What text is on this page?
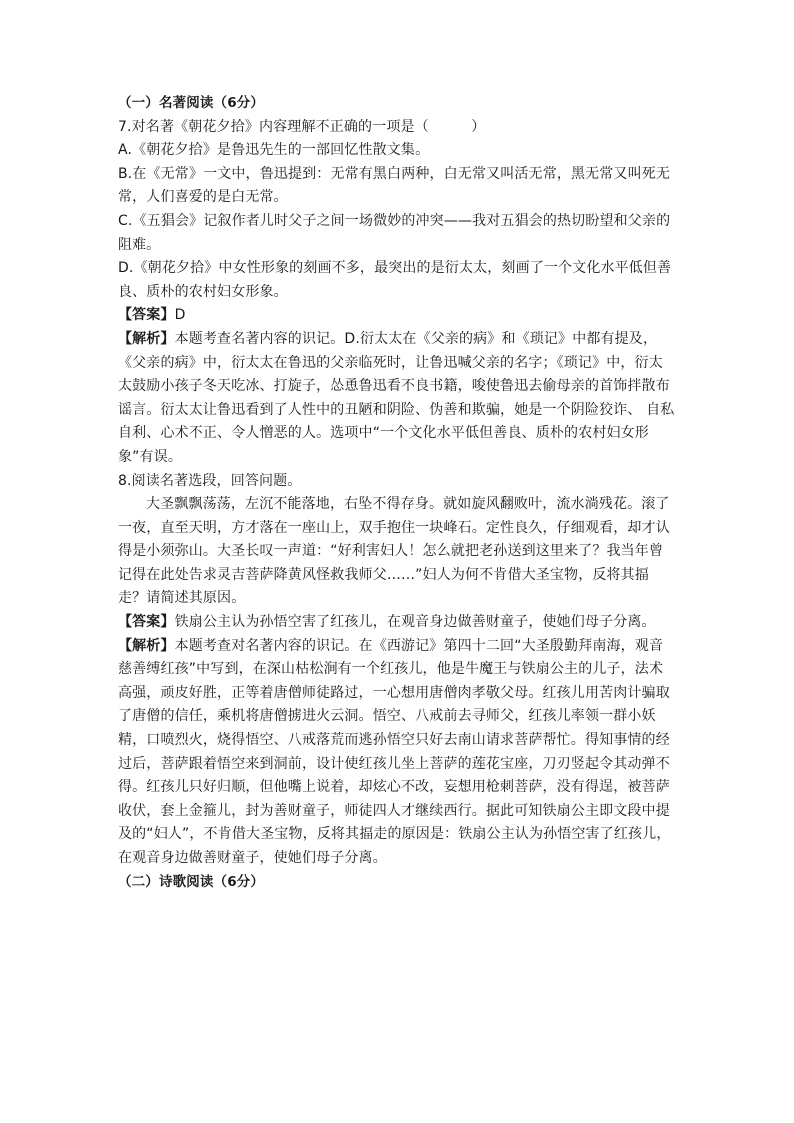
（一）名著阅读（6分）
7.对名著《朝花夕拾》内容理解不正确的一项是（　　　）
A.《朝花夕拾》是鲁迅先生的一部回忆性散文集。
B.在《无常》一文中，鲁迅提到：无常有黑白两种，白无常又叫活无常，黑无常又叫死无
常，人们喜爱的是白无常。
C.《五猖会》记叙作者儿时父子之间一场微妙的冲突——我对五猖会的热切盼望和父亲的
阻难。
D.《朝花夕拾》中女性形象的刻画不多，最突出的是衍太太，刻画了一个文化水平低但善
良、质朴的农村妇女形象。
【答案】D
【解析】本题考查名著内容的识记。D.衍太太在《父亲的病》和《琐记》中都有提及，
《父亲的病》中，衍太太在鲁迅的父亲临死时，让鲁迅喊父亲的名字；《琐记》中，衍太
太鼓励小孩子冬天吃冰、打旋子，怂恿鲁迅看不良书籍，唆使鲁迅去偷母亲的首饰拌散布
谣言。衍太太让鲁迅看到了人性中的丑陋和阴险、伪善和欺骗，她是一个阴险狡诈、 自私
自利、心术不正、令人憎恶的人。选项中“一个文化水平低但善良、质朴的农村妇女形
象”有误。
8.阅读名著选段，回答问题。
大圣飘飘荡荡，左沉不能落地，右坠不得存身。就如旋风翻败叶，流水淌残花。滚了
一夜，直至天明，方才落在一座山上，双手抱住一块峰石。定性良久，仔细观看，却才认
得是小须弥山。大圣长叹一声道：“好利害妇人！怎么就把老孙送到这里来了？我当年曾
记得在此处告求灵吉菩萨降黄风怪救我师父……”妇人为何不肯借大圣宝物，反将其揊
走？请简述其原因。
【答案】铁扇公主认为孙悟空害了红孩儿，在观音身边做善财童子，使她们母子分离。
【解析】本题考查对名著内容的识记。在《西游记》第四十二回“大圣殷勤拜南海，观音
慈善缚红孩”中写到，在深山枯松涧有一个红孩儿，他是牛魔王与铁扇公主的儿子，法术
高强，顽皮好胜，正等着唐僧师徒路过，一心想用唐僧肉孝敬父母。红孩儿用苦肉计骗取
了唐僧的信任，乘机将唐僧掳进火云洞。悟空、八戒前去寻师父，红孩儿率领一群小妖
精，口喷烈火，烧得悟空、八戒落荒而逃孙悟空只好去南山请求菩萨帮忙。得知事情的经
过后，菩萨跟着悟空来到洞前，设计使红孩儿坐上菩萨的莲花宝座，刀刃竖起令其动弹不
得。红孩儿只好归顺，但他嘴上说着，却炫心不改，妄想用枪刺菩萨，没有得逞，被菩萨
收伏，套上金箍儿，封为善财童子，师徒四人才继续西行。据此可知铁扇公主即文段中提
及的“妇人”，不肯借大圣宝物，反将其揊走的原因是：铁扇公主认为孙悟空害了红孩儿，
在观音身边做善财童子，使她们母子分离。
（二）诗歌阅读（6分）
